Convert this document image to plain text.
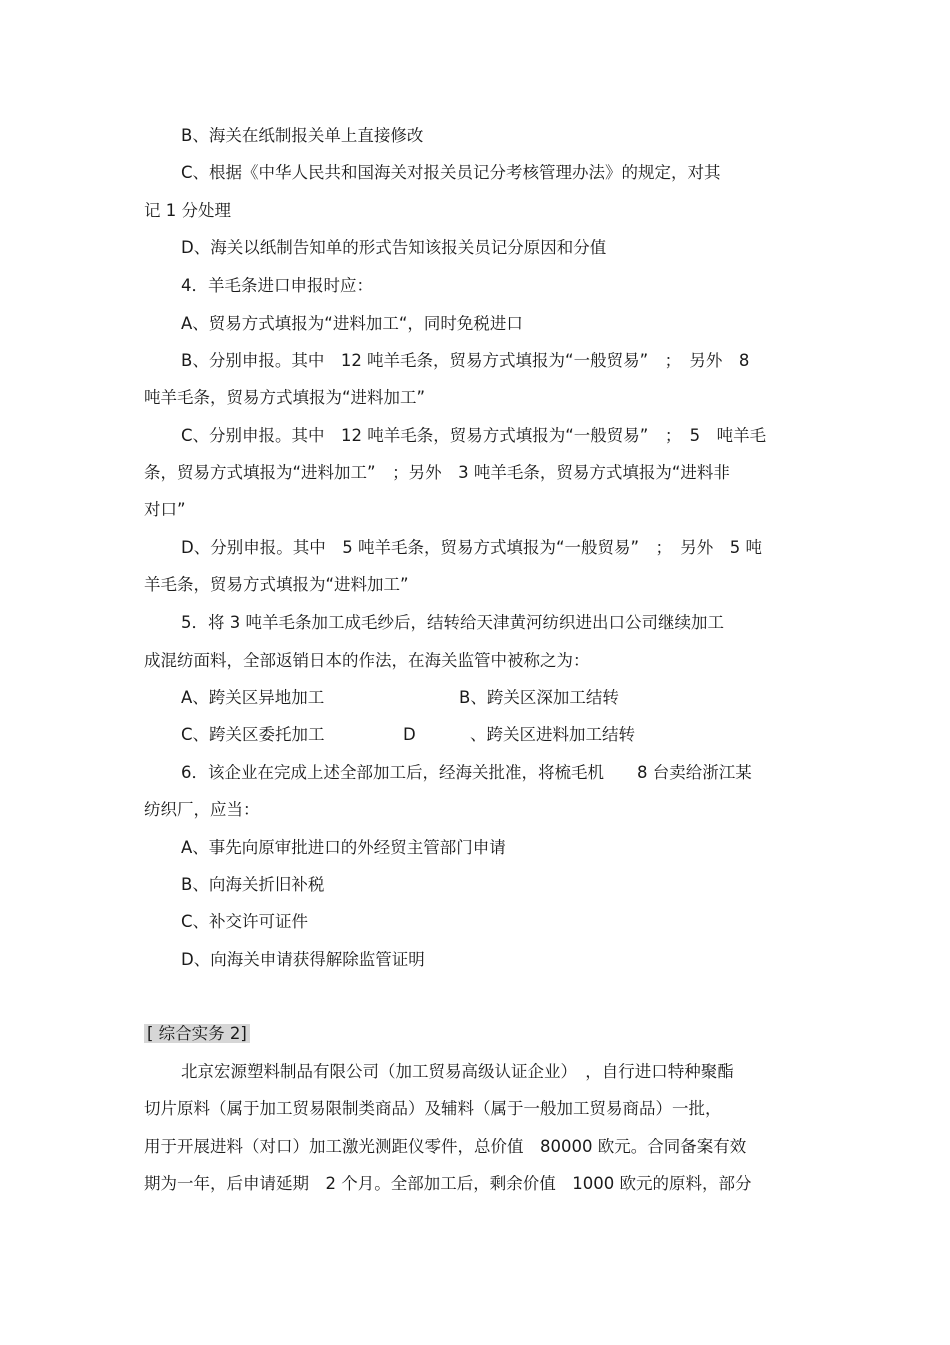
B、海关在纸制报关单上直接修改
C、根据《中华人民共和国海关对报关员记分考核管理办法》的规定，对其
记 1 分处理
D、海关以纸制告知单的形式告知该报关员记分原因和分值
4．羊毛条进口申报时应：
A、贸易方式填报为“进料加工“，同时免税进口
B、分别申报。其中　12 吨羊毛条，贸易方式填报为“一般贸易”　；　另外　8
吨羊毛条，贸易方式填报为“进料加工”
C、分别申报。其中　12 吨羊毛条，贸易方式填报为“一般贸易”　；　5　吨羊毛
条，贸易方式填报为“进料加工”　；另外　3 吨羊毛条，贸易方式填报为“进料非
对口”
D、分别申报。其中　5 吨羊毛条，贸易方式填报为“一般贸易”　；　另外　5 吨
羊毛条，贸易方式填报为“进料加工”
5．将 3 吨羊毛条加工成毛纱后，结转给天津黄河纺织进出口公司继续加工
成混纺面料，全部返销日本的作法，在海关监管中被称之为：
A、跨关区异地加工	B、跨关区深加工结转
C、跨关区委托加工	D	、跨关区进料加工结转
6．该企业在完成上述全部加工后，经海关批准，将梳毛机　　8 台卖给浙江某
纺织厂，应当：
A、事先向原审批进口的外经贸主管部门申请
B、向海关折旧补税
C、补交许可证件
D、向海关申请获得解除监管证明
[ 综合实务 2]
北京宏源塑料制品有限公司（加工贸易高级认证企业）　，自行进口特种聚酯
切片原料（属于加工贸易限制类商品）及辅料（属于一般加工贸易商品）一批，
用于开展进料（对口）加工激光测距仪零件，总价值　80000 欧元。合同备案有效
期为一年，后申请延期　2 个月。全部加工后，剩余价值　1000 欧元的原料，部分
